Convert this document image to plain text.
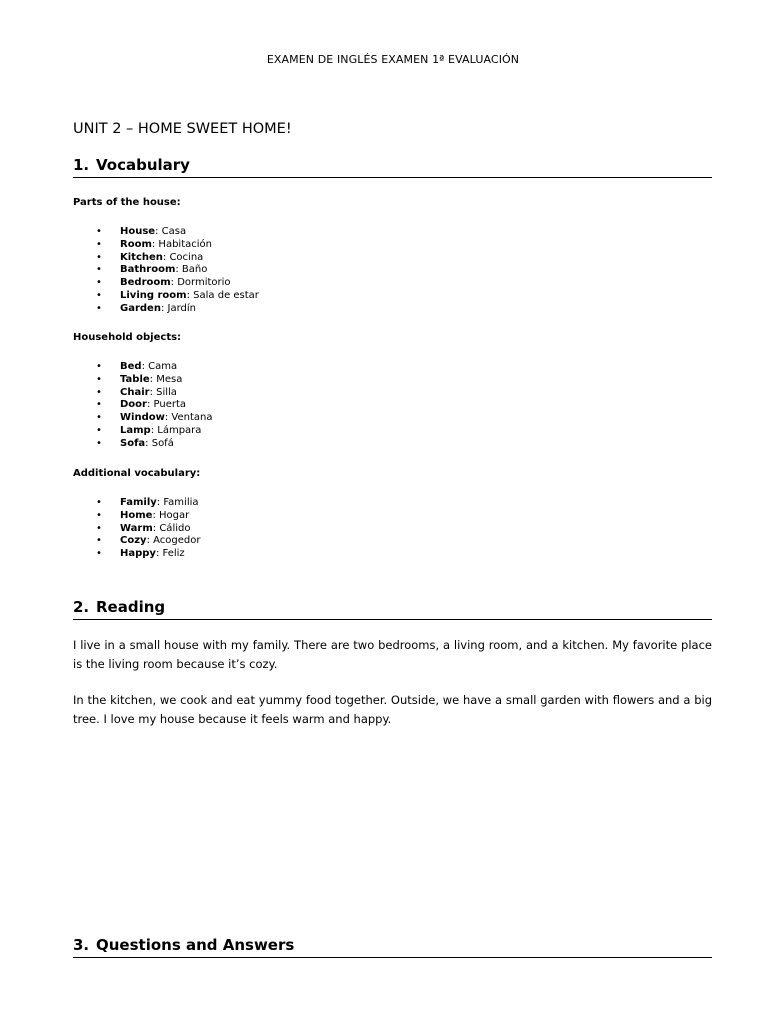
EXAMEN DE INGLÉS EXAMEN 1ª EVALUACIÓN
UNIT 2 – HOME SWEET HOME!
1. Vocabulary
Parts of the house:
• House: Casa
• Room: Habitación
• Kitchen: Cocina
• Bathroom: Baño
• Bedroom: Dormitorio
• Living room: Sala de estar
• Garden: Jardín
Household objects:
• Bed: Cama
• Table: Mesa
• Chair: Silla
• Door: Puerta
• Window: Ventana
• Lamp: Lámpara
• Sofa: Sofá
Additional vocabulary:
• Family: Familia
• Home: Hogar
• Warm: Cálido
• Cozy: Acogedor
• Happy: Feliz
2. Reading
I live in a small house with my family. There are two bedrooms, a living room, and a kitchen. My favorite place is the living room because it’s cozy.
In the kitchen, we cook and eat yummy food together. Outside, we have a small garden with flowers and a big tree. I love my house because it feels warm and happy.
3. Questions and Answers
